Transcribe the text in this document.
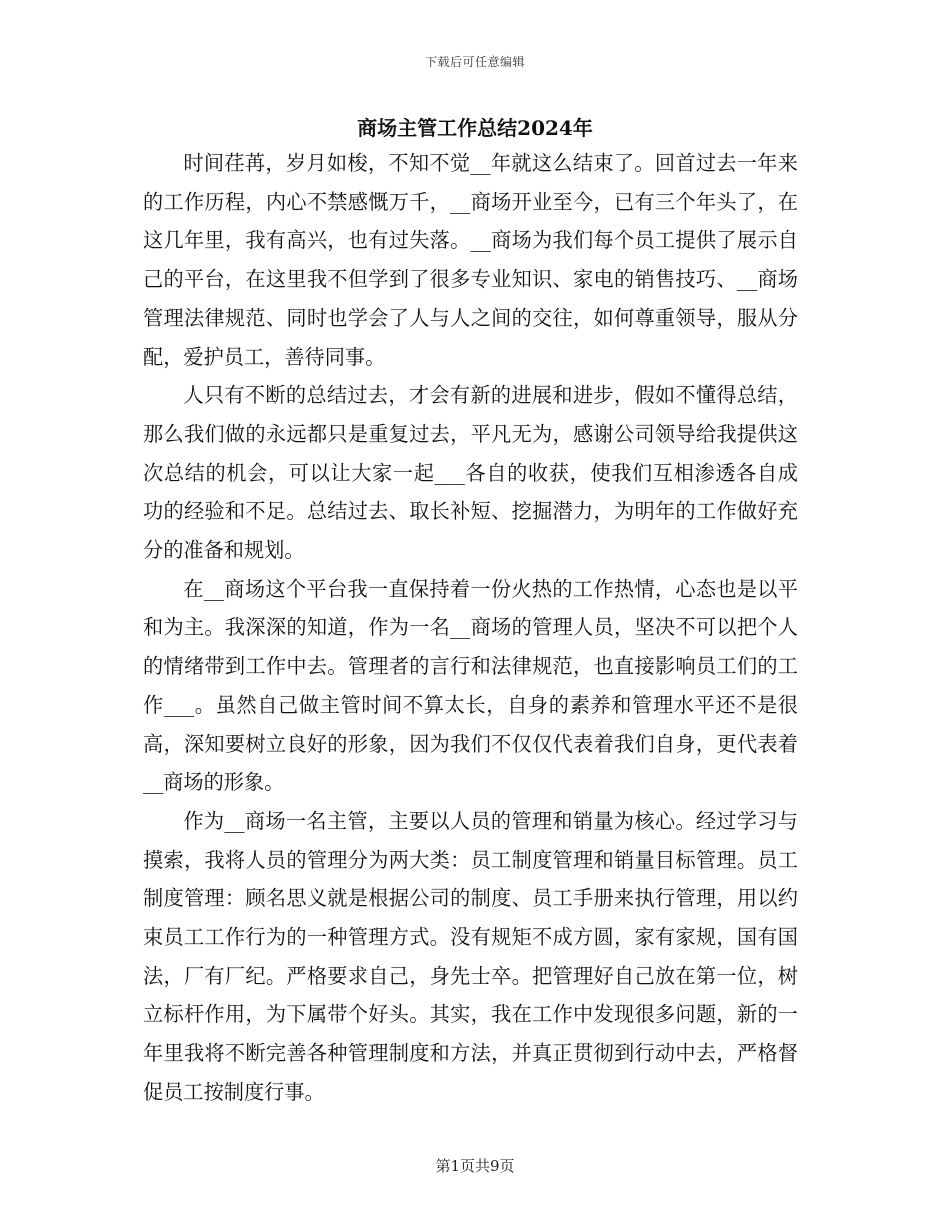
下载后可任意编辑
商场主管工作总结2024年

时间荏苒，岁月如梭，不知不觉__年就这么结束了。回首过去一年来的工作历程，内心不禁感慨万千，__商场开业至今，已有三个年头了，在这几年里，我有高兴，也有过失落。__商场为我们每个员工提供了展示自己的平台，在这里我不但学到了很多专业知识、家电的销售技巧、__商场管理法律规范、同时也学会了人与人之间的交往，如何尊重领导，服从分配，爱护员工，善待同事。

人只有不断的总结过去，才会有新的进展和进步，假如不懂得总结，那么我们做的永远都只是重复过去，平凡无为，感谢公司领导给我提供这次总结的机会，可以让大家一起___各自的收获，使我们互相渗透各自成功的经验和不足。总结过去、取长补短、挖掘潜力，为明年的工作做好充分的准备和规划。

在__商场这个平台我一直保持着一份火热的工作热情，心态也是以平和为主。我深深的知道，作为一名__商场的管理人员，坚决不可以把个人的情绪带到工作中去。管理者的言行和法律规范，也直接影响员工们的工作___。虽然自己做主管时间不算太长，自身的素养和管理水平还不是很高，深知要树立良好的形象，因为我们不仅仅代表着我们自身，更代表着__商场的形象。

作为__商场一名主管，主要以人员的管理和销量为核心。经过学习与摸索，我将人员的管理分为两大类：员工制度管理和销量目标管理。员工制度管理：顾名思义就是根据公司的制度、员工手册来执行管理，用以约束员工工作行为的一种管理方式。没有规矩不成方圆，家有家规，国有国法，厂有厂纪。严格要求自己，身先士卒。把管理好自己放在第一位，树立标杆作用，为下属带个好头。其实，我在工作中发现很多问题，新的一年里我将不断完善各种管理制度和方法，并真正贯彻到行动中去，严格督促员工按制度行事。

第1页共9页
